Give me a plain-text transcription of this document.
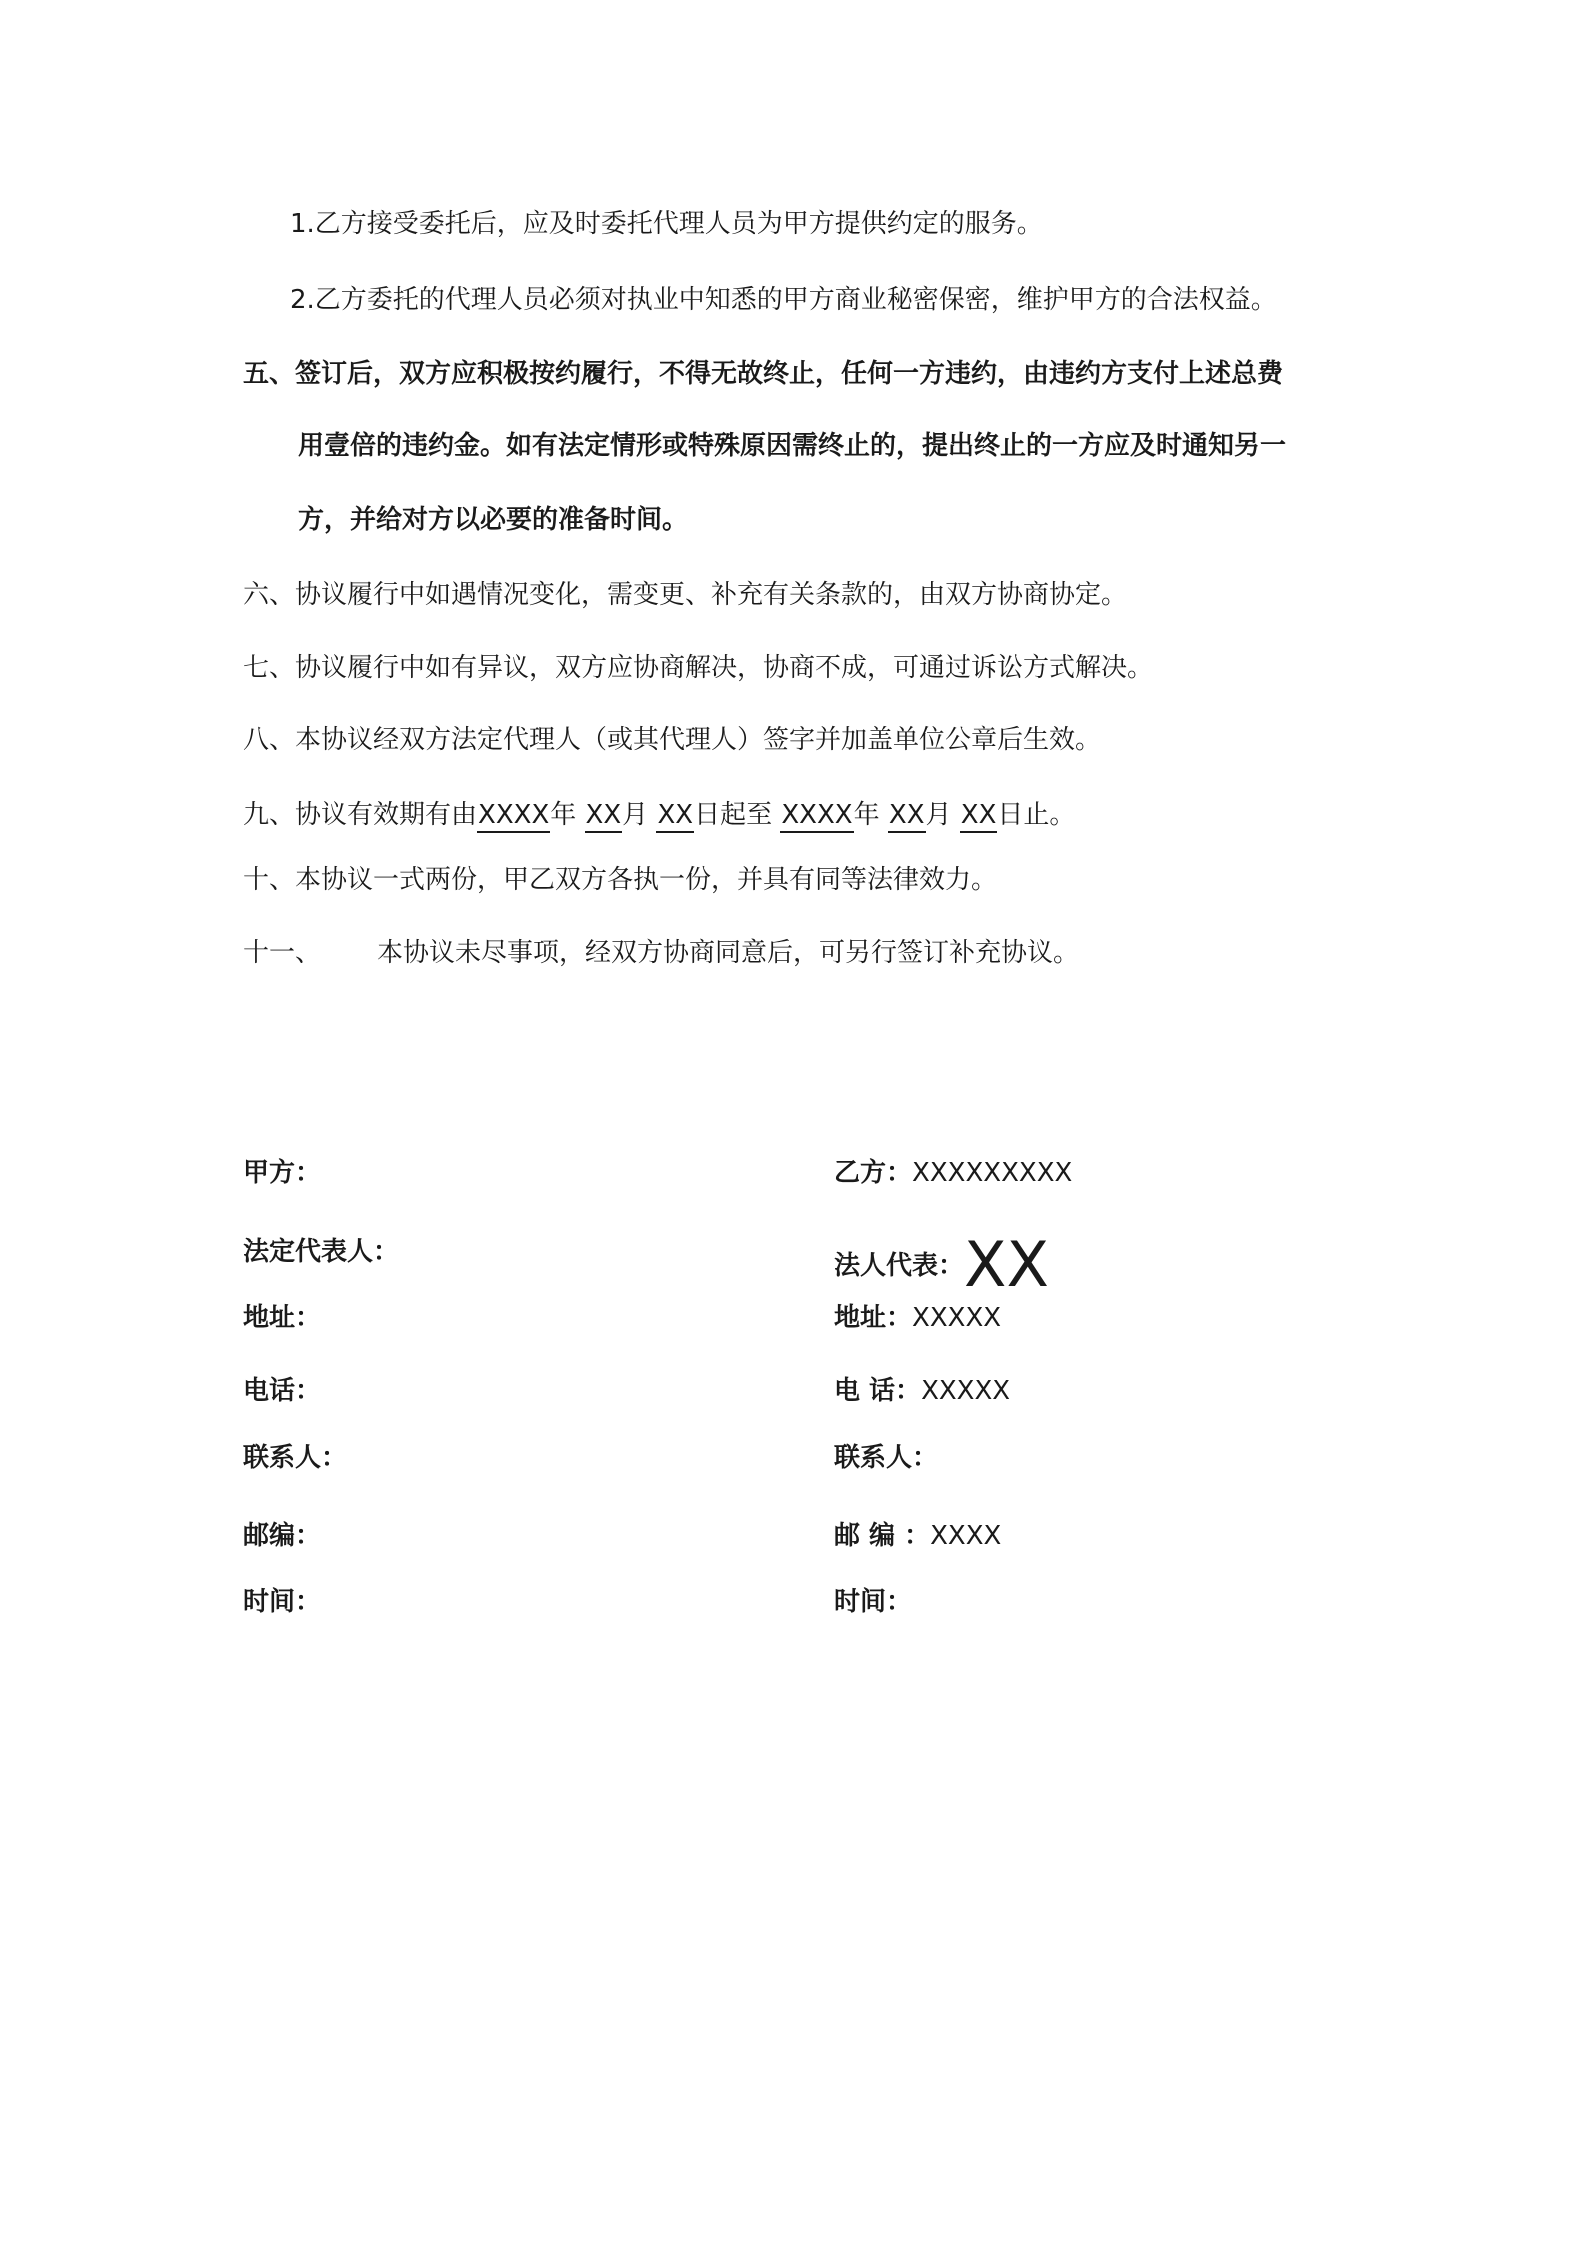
1.乙方接受委托后，应及时委托代理人员为甲方提供约定的服务。
2.乙方委托的代理人员必须对执业中知悉的甲方商业秘密保密，维护甲方的合法权益。
五、签订后，双方应积极按约履行，不得无故终止，任何一方违约，由违约方支付上述总费
用壹倍的违约金。如有法定情形或特殊原因需终止的，提出终止的一方应及时通知另一
方，并给对方以必要的准备时间。
六、协议履行中如遇情况变化，需变更、补充有关条款的，由双方协商协定。
七、协议履行中如有异议，双方应协商解决，协商不成，可通过诉讼方式解决。
八、本协议经双方法定代理人（或其代理人）签字并加盖单位公章后生效。
九、协议有效期有由XXXX年 XX月 XX日起至 XXXX年 XX月 XX日止。
十、本协议一式两份，甲乙双方各执一份，并具有同等法律效力。
十一、 本协议未尽事项，经双方协商同意后，可另行签订补充协议。
甲方：
法定代表人：
地址：
电话：
联系人：
邮编：
时间：
乙方：XXXXXXXXX
法人代表：XX
地址：XXXXX
电 话：XXXXX
联系人：
邮 编 ：XXXX
时间：
